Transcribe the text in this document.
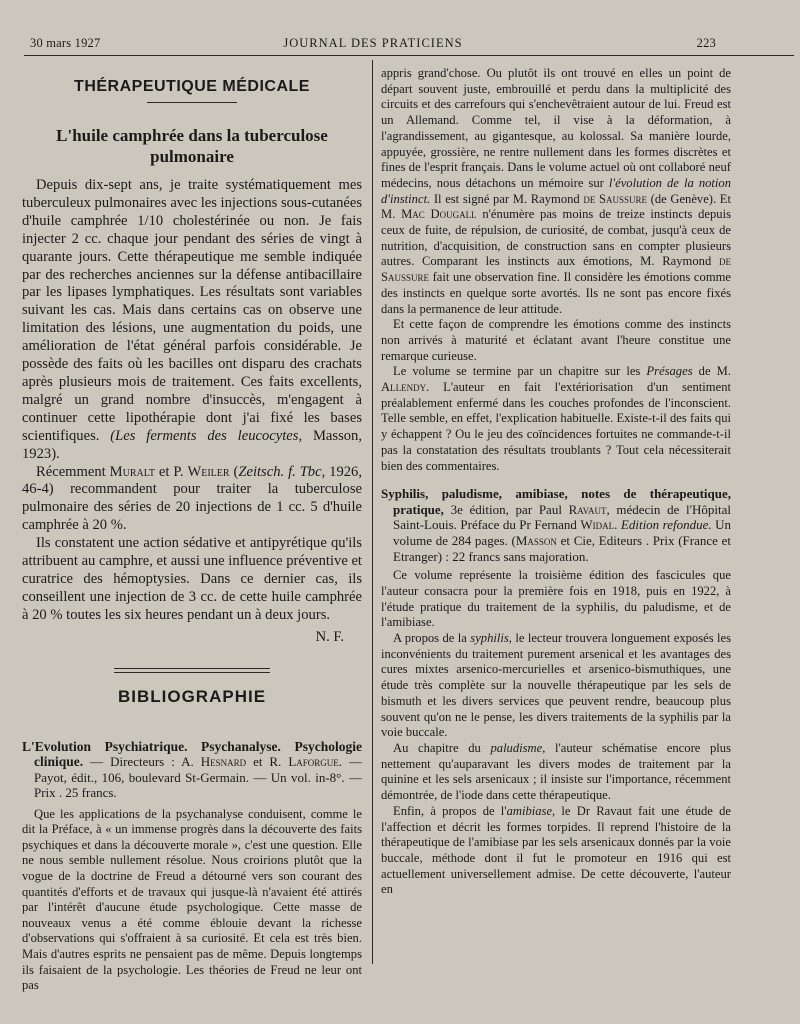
30 mars 1927	JOURNAL DES PRATICIENS	223
THÉRAPEUTIQUE MÉDICALE
L'huile camphrée dans la tuberculose
pulmonaire

Depuis dix-sept ans, je traite systématiquement mes tuberculeux pulmonaires avec les injections sous-cutanées d'huile camphrée 1/10 cholestérinée ou non. Je fais injecter 2 cc. chaque jour pendant des séries de vingt à quarante jours. Cette thérapeutique me semble indiquée par des recherches anciennes sur la défense antibacillaire par les lipases lymphatiques. Les résultats sont variables suivant les cas. Mais dans certains cas on observe une limitation des lésions, une augmentation du poids, une amélioration de l'état général parfois considérable. Je possède des faits où les bacilles ont disparu des crachats après plusieurs mois de traitement. Ces faits excellents, malgré un grand nombre d'insuccès, m'engagent à continuer cette lipothérapie dont j'ai fixé les bases scientifiques. (Les ferments des leucocytes, Masson, 1923).

Récemment Muralt et P. Weiler (Zeitsch. f. Tbc, 1926, 46-4) recommandent pour traiter la tuberculose pulmonaire des séries de 20 injections de 1 cc. 5 d'huile camphrée à 20 %.

Ils constatent une action sédative et antipyrétique qu'ils attribuent au camphre, et aussi une influence préventive et curatrice des hémoptysies. Dans ce dernier cas, ils conseillent une injection de 3 cc. de cette huile camphrée à 20 % toutes les six heures pendant un à deux jours.

N. F.
BIBLIOGRAPHIE
L'Evolution Psychiatrique. Psychanalyse. Psychologie clinique. — Directeurs : A. Hesnard et R. Laforgue. — Payot, édit., 106, boulevard St-Germain. — Un vol. in-8°. — Prix . 25 francs.

Que les applications de la psychanalyse conduisent, comme le dit la Préface, à « un immense progrès dans la découverte des faits psychiques et dans la découverte morale », c'est une question. Elle ne nous semble nullement résolue. Nous croirions plutôt que la vogue de la doctrine de Freud a détourné vers son courant des quantités d'efforts et de travaux qui jusque-là n'avaient été attirés par l'intérêt d'aucune étude psychologique. Cette masse de nouveaux venus a été comme éblouie devant la richesse d'observations qui s'offraient à sa curiosité. Et cela est très bien. Mais d'autres esprits ne pensaient pas de même. Depuis longtemps ils faisaient de la psychologie. Les théories de Freud ne leur ont pas

appris grand'chose. Ou plutôt ils ont trouvé en elles un point de départ souvent juste, embrouillé et perdu dans la multiplicité des circuits et des carrefours qui s'enchevêtraient autour de lui. Freud est un Allemand. Comme tel, il vise à la déformation, à l'agrandissement, au gigantesque, au kolossal. Sa manière lourde, appuyée, grossière, ne rentre nullement dans les formes discrètes et fines de l'esprit français. Dans le volume actuel où ont collaboré neuf médecins, nous détachons un mémoire sur l'évolution de la notion d'instinct. Il est signé par M. Raymond de Saussure (de Genève). Et M. Mac Dougall n'énumère pas moins de treize instincts depuis ceux de fuite, de répulsion, de curiosité, de combat, jusqu'à ceux de nutrition, d'acquisition, de construction sans en compter plusieurs autres. Comparant les instincts aux émotions, M. Raymond de Saussure fait une observation fine. Il considère les émotions comme des instincts en quelque sorte avortés. Ils ne sont pas encore fixés dans la permanence de leur attitude.

Et cette façon de comprendre les émotions comme des instincts non arrivés à maturité et éclatant avant l'heure constitue une remarque curieuse.

Le volume se termine par un chapitre sur les Présages de M. Allendy. L'auteur en fait l'extériorisation d'un sentiment préalablement enfermé dans les couches profondes de l'inconscient. Telle semble, en effet, l'explication habituelle. Existe-t-il des faits qui y échappent ? Ou le jeu des coïncidences fortuites ne commande-t-il pas la constatation des résultats troublants ? Tout cela nécessiterait bien des commentaires.

Syphilis, paludisme, amibiase, notes de thérapeutique, pratique, 3e édition, par Paul Ravaut, médecin de l'Hôpital Saint-Louis. Préface du Pr Fernand Widal. Edition refondue. Un volume de 284 pages. (Masson et Cie, Editeurs . Prix (France et Etranger) : 22 francs sans majoration.

Ce volume représente la troisième édition des fascicules que l'auteur consacra pour la première fois en 1918, puis en 1922, à l'étude pratique du traitement de la syphilis, du paludisme, et de l'amibiase.

A propos de la syphilis, le lecteur trouvera longuement exposés les inconvénients du traitement purement arsenical et les avantages des cures mixtes arsenico-mercurielles et arsenico-bismuthiques, une étude très complète sur la nouvelle thérapeutique par les sels de bismuth et les divers services que peuvent rendre, beaucoup plus souvent qu'on ne le pense, les divers traitements de la syphilis par la voie buccale.

Au chapitre du paludisme, l'auteur schématise encore plus nettement qu'auparavant les divers modes de traitement par la quinine et les sels arsenicaux ; il insiste sur l'importance, récemment démontrée, de l'iode dans cette thérapeutique.

Enfin, à propos de l'amibiase, le Dr Ravaut fait une étude de l'affection et décrit les formes torpides. Il reprend l'histoire de la thérapeutique de l'amibiase par les sels arsenicaux donnés par la voie buccale, méthode dont il fut le promoteur en 1916 qui est actuellement universellement admise. De cette découverte, l'auteur en
